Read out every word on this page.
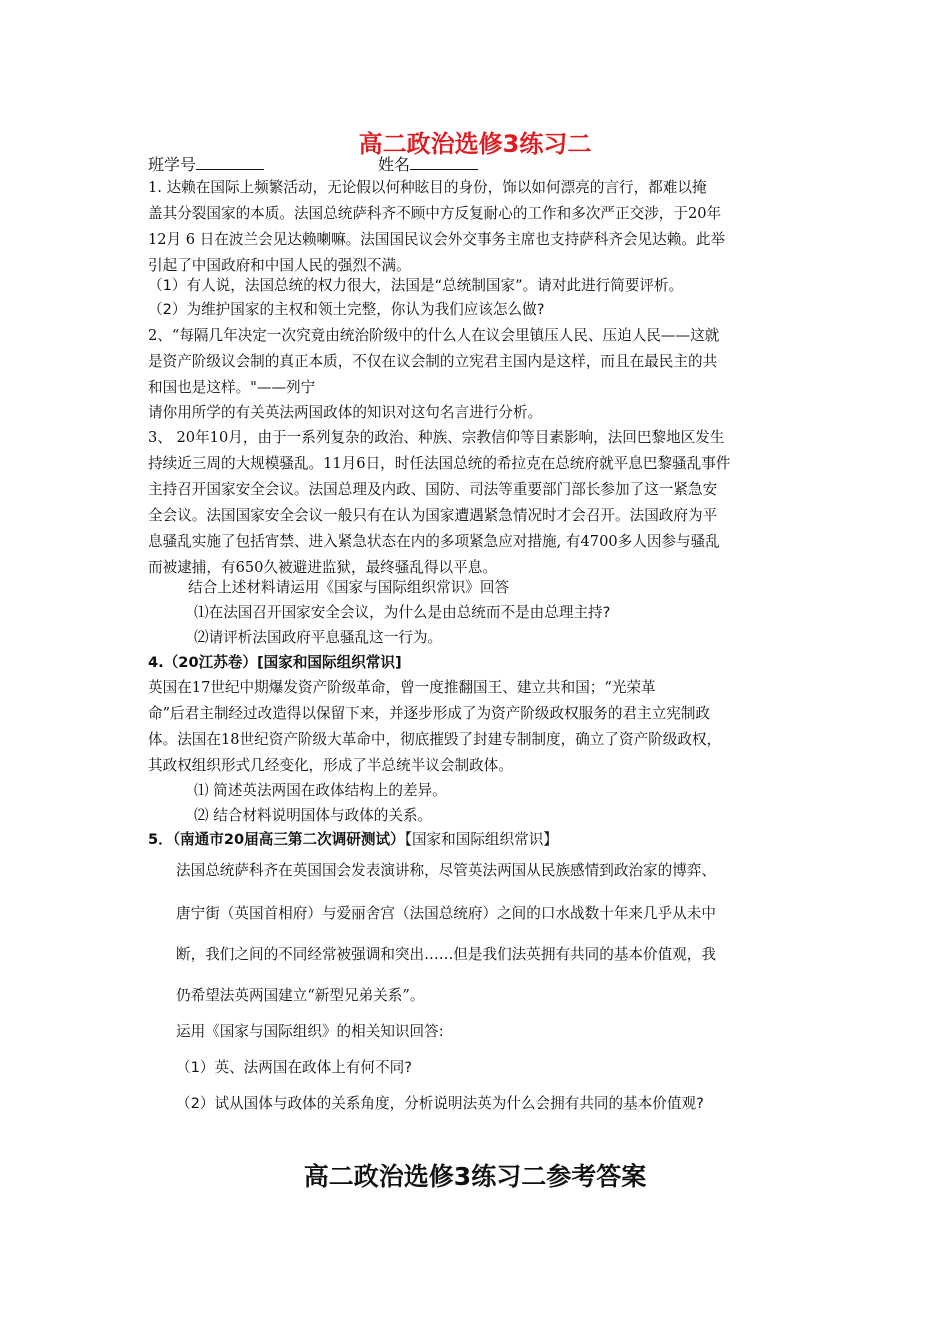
高二政治选修3练习二
班学号	姓名
1. 达赖在国际上频繁活动，无论假以何种眩目的身份，饰以如何漂亮的言行，都难以掩
盖其分裂国家的本质。法国总统萨科齐不顾中方反复耐心的工作和多次严正交涉，于20年
12月 6 日在波兰会见达赖喇嘛。法国国民议会外交事务主席也支持萨科齐会见达赖。此举
引起了中国政府和中国人民的强烈不满。
（1）有人说，法国总统的权力很大，法国是“总统制国家”。请对此进行简要评析。
（2）为维护国家的主权和领土完整，你认为我们应该怎么做?
2、“每隔几年决定一次究竟由统治阶级中的什么人在议会里镇压人民、压迫人民——这就
是资产阶级议会制的真正本质，不仅在议会制的立宪君主国内是这样，而且在最民主的共
和国也是这样。"——列宁
请你用所学的有关英法两国政体的知识对这句名言进行分析。
3、 20年10月，由于一系列复杂的政治、种族、宗教信仰等目素影响，法回巴黎地区发生
持续近三周的大规模骚乱。11月6日，时任法国总统的希拉克在总统府就平息巴黎骚乱事件
主持召开国家安全会议。法国总理及内政、国防、司法等重要部门部长参加了这一紧急安
全会议。法国国家安全会议一般只有在认为国家遭遇紧急情况时才会召开。法国政府为平
息骚乱实施了包括宵禁、进入紧急状态在内的多项紧急应对措施, 有4700多人因参与骚乱
而被逮捕，有650久被避进监狱，最终骚乱得以平息。
结合上述材料请运用《国家与国际组织常识》回答
⑴在法国召开国家安全会议，为什么是由总统而不是由总理主持?
⑵请评析法国政府平息骚乱这一行为。
4.（20江苏卷）[国家和国际组织常识]
英国在17世纪中期爆发资产阶级革命，曾一度推翻国王、建立共和国；“光荣革
命”后君主制经过改造得以保留下来，并逐步形成了为资产阶级政权服务的君主立宪制政
体。法国在18世纪资产阶级大革命中，彻底摧毁了封建专制制度，确立了资产阶级政权，
其政权组织形式几经变化，形成了半总统半议会制政体。
⑴ 简述英法两国在政体结构上的差异。
⑵ 结合材料说明国体与政体的关系。
5．（南通市20届高三第二次调研测试）【国家和国际组织常识】
法国总统萨科齐在英国国会发表演讲称，尽管英法两国从民族感情到政治家的博弈、
唐宁街（英国首相府）与爱丽舍宫（法国总统府）之间的口水战数十年来几乎从未中
断，我们之间的不同经常被强调和突出……但是我们法英拥有共同的基本价值观，我
仍希望法英两国建立“新型兄弟关系”。
运用《国家与国际组织》的相关知识回答:
（1）英、法两国在政体上有何不同?
（2）试从国体与政体的关系角度，分析说明法英为什么会拥有共同的基本价值观?
高二政治选修3练习二参考答案
